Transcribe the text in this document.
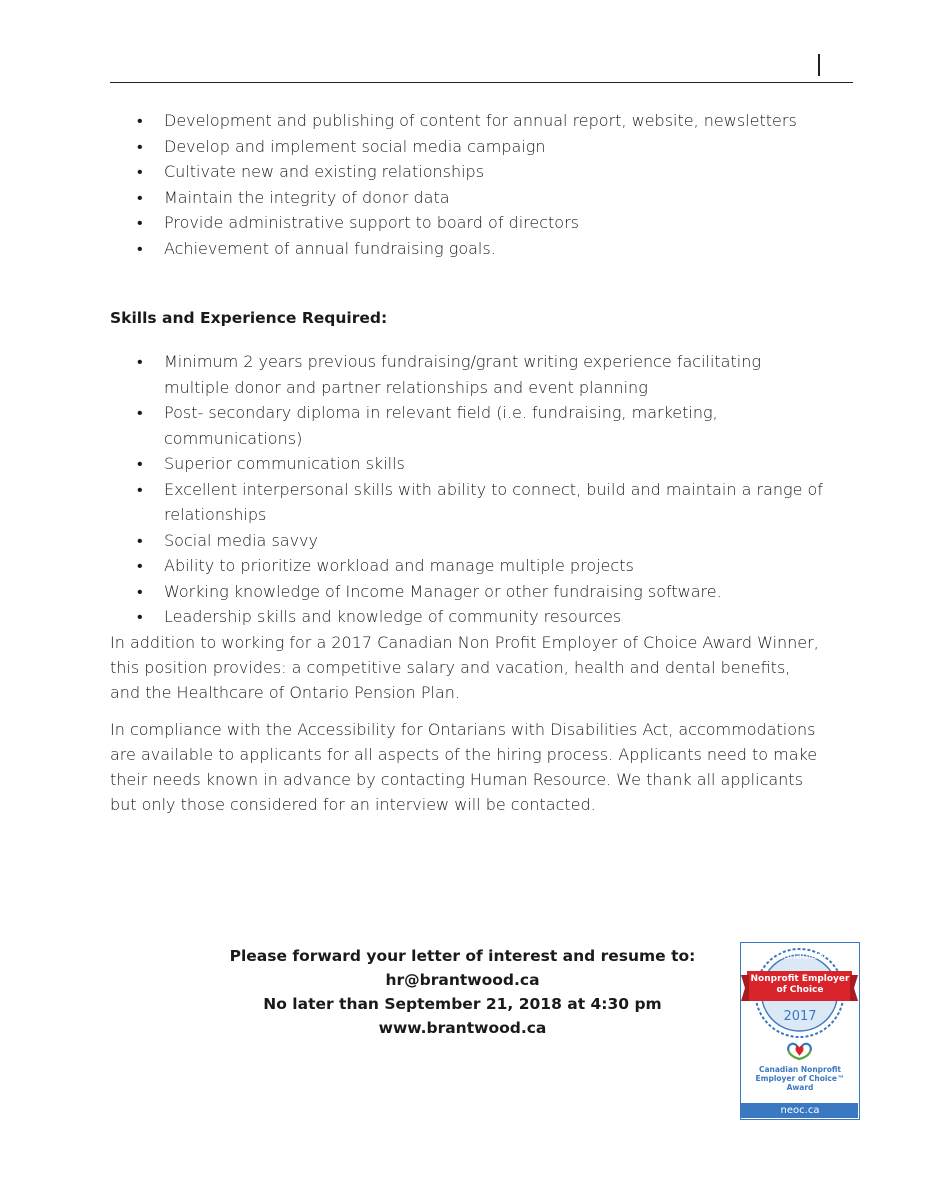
• Development and publishing of content for annual report, website, newsletters
• Develop and implement social media campaign
• Cultivate new and existing relationships
• Maintain the integrity of donor data
• Provide administrative support to board of directors
• Achievement of annual fundraising goals.
Skills and Experience Required:
• Minimum 2 years previous fundraising/grant writing experience facilitating multiple donor and partner relationships and event planning
• Post- secondary diploma in relevant field (i.e. fundraising, marketing, communications)
• Superior communication skills
• Excellent interpersonal skills with ability to connect, build and maintain a range of relationships
• Social media savvy
• Ability to prioritize workload and manage multiple projects
• Working knowledge of Income Manager or other fundraising software.
• Leadership skills and knowledge of community resources

In addition to working for a 2017 Canadian Non Profit Employer of Choice Award Winner, this position provides: a competitive salary and vacation, health and dental benefits, and the Healthcare of Ontario Pension Plan.

In compliance with the Accessibility for Ontarians with Disabilities Act, accommodations are available to applicants for all aspects of the hiring process. Applicants need to make their needs known in advance by contacting Human Resource. We thank all applicants but only those considered for an interview will be contacted.

Please forward your letter of interest and resume to:
hr@brantwood.ca
No later than September 21, 2018 at 4:30 pm
www.brantwood.ca
Canadian
Nonprofit Employer
of Choice
2017
Canadian Nonprofit
Employer of Choice™
Award
neoc.ca
